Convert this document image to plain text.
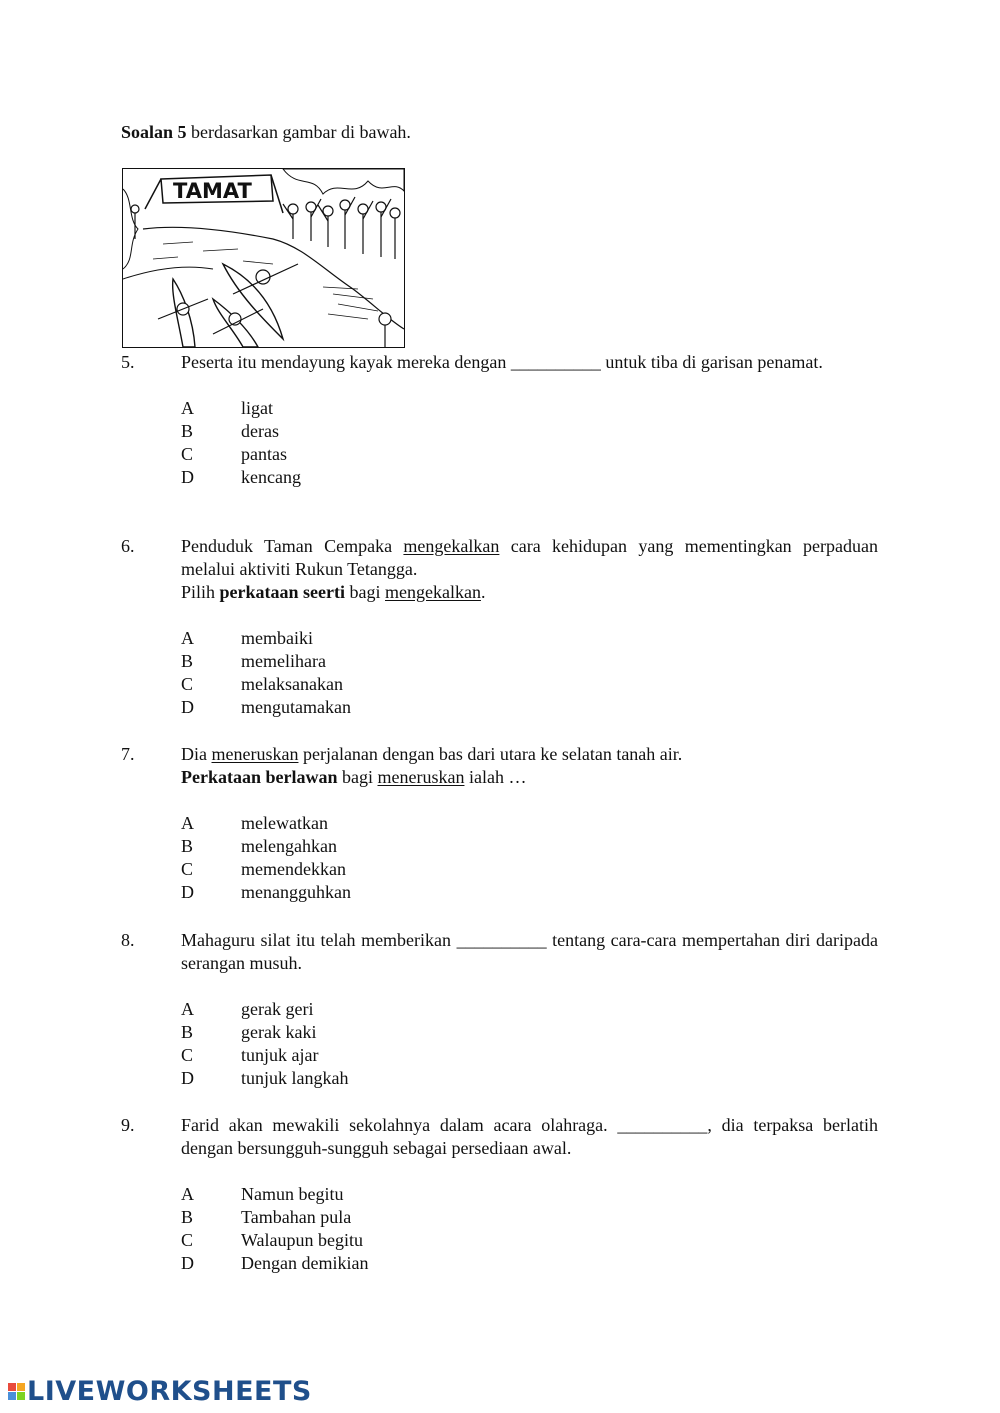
Soalan 5 berdasarkan gambar di bawah.
TAMAT
5.	Peserta itu mendayung kayak mereka dengan __________ untuk tiba di garisan penamat.

A	ligat
B	deras
C	pantas
D	kencang
6.	Penduduk Taman Cempaka mengekalkan cara kehidupan yang mementingkan perpaduan melalui aktiviti Rukun Tetangga.

Pilih perkataan seerti bagi mengekalkan.

A	membaiki
B	memelihara
C	melaksanakan
D	mengutamakan
7.	Dia meneruskan perjalanan dengan bas dari utara ke selatan tanah air.

Perkataan berlawan bagi meneruskan ialah …

A	melewatkan
B	melengahkan
C	memendekkan
D	menangguhkan
8.	Mahaguru silat itu telah memberikan __________ tentang cara-cara mempertahan diri daripada serangan musuh.

A	gerak geri
B	gerak kaki
C	tunjuk ajar
D	tunjuk langkah
9.	Farid akan mewakili sekolahnya dalam acara olahraga. __________, dia terpaksa berlatih dengan bersungguh-sungguh sebagai persediaan awal.

A	Namun begitu
B	Tambahan pula
C	Walaupun begitu
D	Dengan demikian
LIVEWORKSHEETS
